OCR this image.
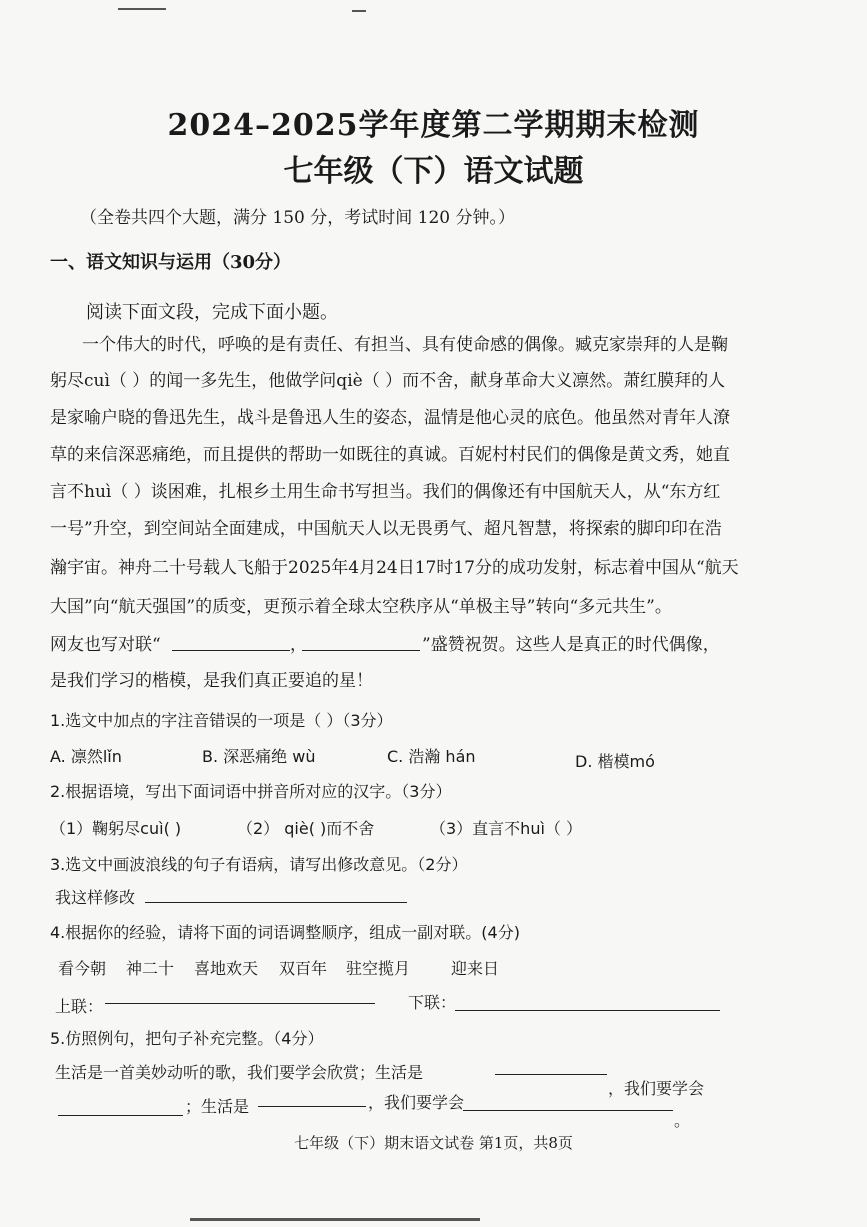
2024–2025学年度第二学期期末检测
七年级（下）语文试题
（全卷共四个大题，满分 150 分，考试时间 120 分钟。）
一、语文知识与运用（30分）
阅读下面文段，完成下面小题。
一个伟大的时代，呼唤的是有责任、有担当、具有使命感的偶像。臧克家崇拜的人是鞠
躬尽cuì（ ）的闻一多先生，他做学问qiè（ ）而不舍，献身革命大义凛然。萧红膜拜的人
是家喻户晓的鲁迅先生，战斗是鲁迅人生的姿态，温情是他心灵的底色。他虽然对青年人潦
草的来信深恶痛绝，而且提供的帮助一如既往的真诚。百妮村村民们的偶像是黄文秀，她直
言不huì（ ）谈困难，扎根乡土用生命书写担当。我们的偶像还有中国航天人，从“东方红
一号”升空，到空间站全面建成，中国航天人以无畏勇气、超凡智慧，将探索的脚印印在浩
瀚宇宙。神舟二十号载人飞船于2025年4月24日17时17分的成功发射，标志着中国从“航天
大国”向“航天强国”的质变，更预示着全球太空秩序从“单极主导”转向“多元共生”。
网友也写对联“	，	”盛赞祝贺。这些人是真正的时代偶像，
是我们学习的楷模，是我们真正要追的星！
1.选文中加点的字注音错误的一项是（ ）（3分）
A. 凛然lǐn	B. 深恶痛绝 wù	C. 浩瀚 hán	D. 楷模mó
2.根据语境，写出下面词语中拼音所对应的汉字。（3分）
（1）鞠躬尽cuì( )	（2） qiè( )而不舍	（3）直言不huì（ ）
3.选文中画波浪线的句子有语病，请写出修改意见。（2分）
我这样修改
4.根据你的经验，请将下面的词语调整顺序，组成一副对联。(4分)
看今朝 神二十 喜地欢天 双百年 驻空揽月	迎来日
上联：	下联：
5.仿照例句，把句子补充完整。（4分）
生活是一首美妙动听的歌，我们要学会欣赏；生活是
，我们要学会
；生活是	，我们要学会
。
七年级（下）期末语文试卷 第1页，共8页
